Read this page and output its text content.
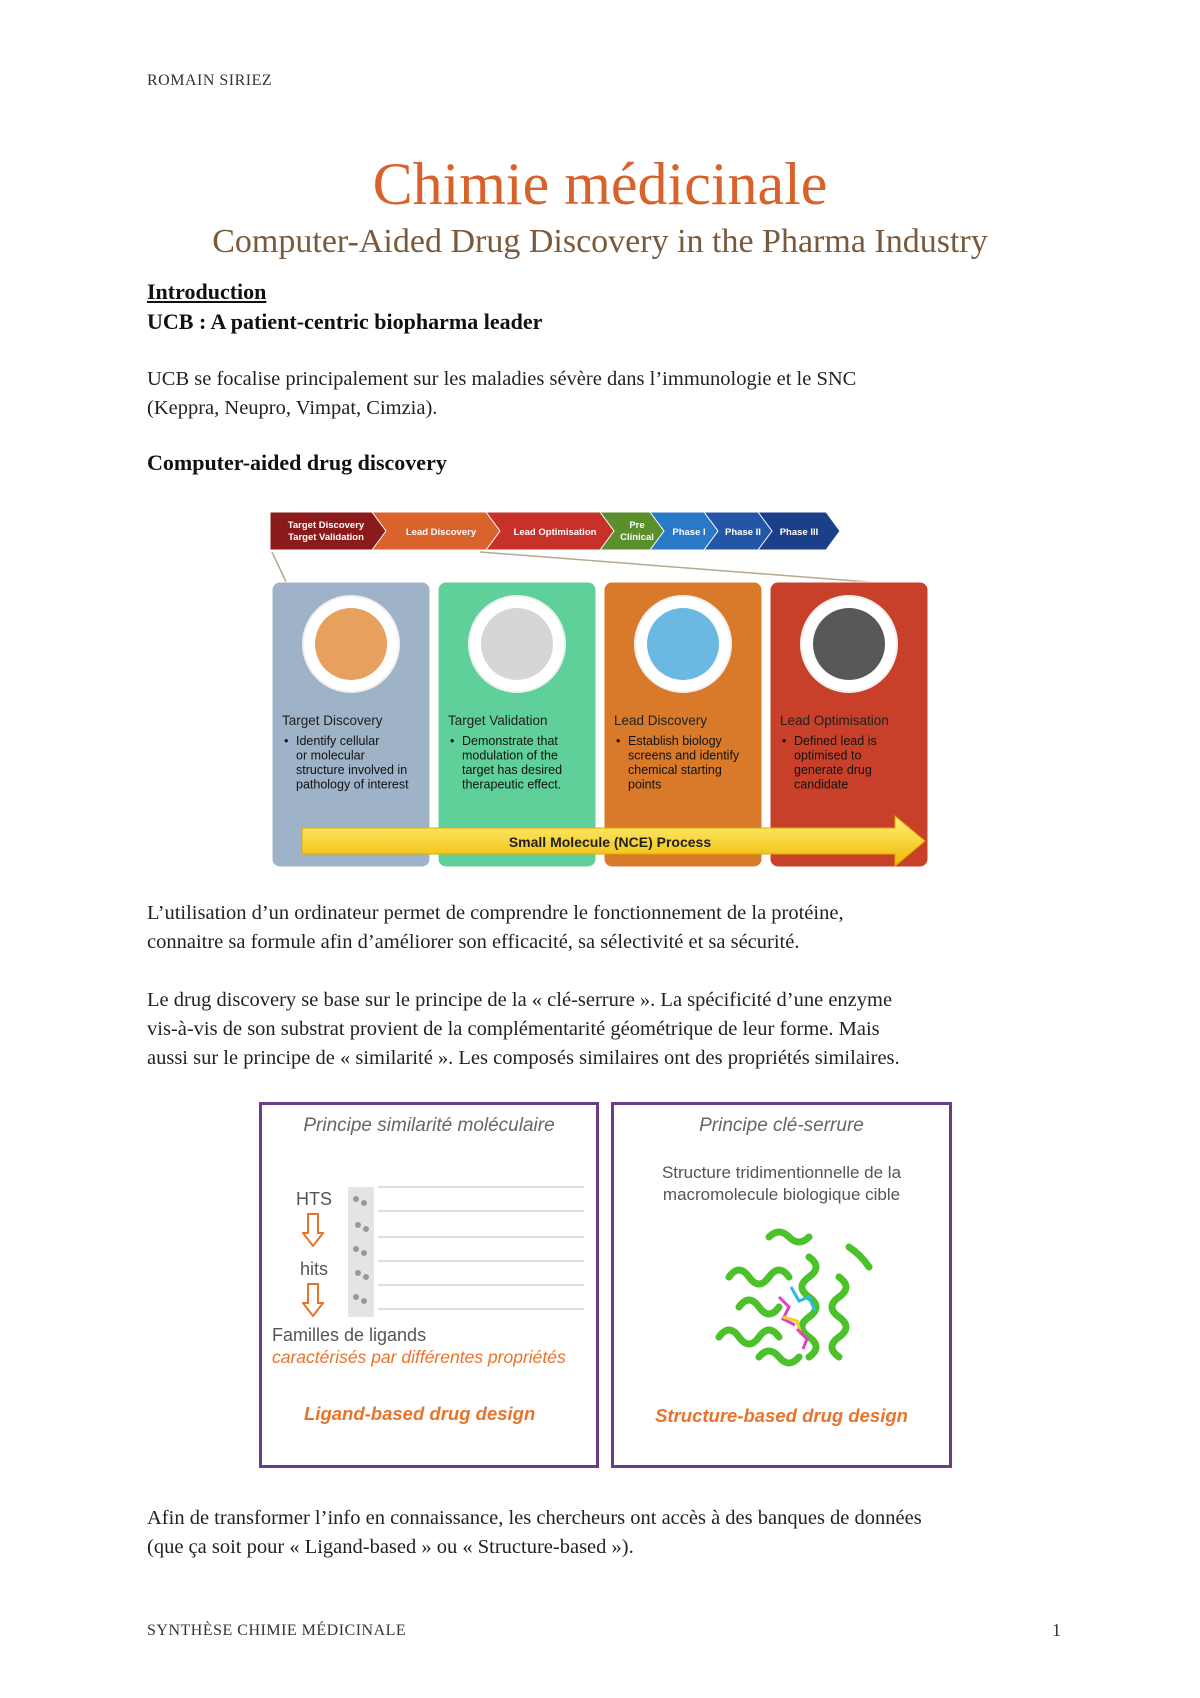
ROMAIN SIRIEZ
Chimie médicinale
Computer-Aided Drug Discovery in the Pharma Industry
Introduction
UCB : A patient-centric biopharma leader
UCB se focalise principalement sur les maladies sévère dans l’immunologie et le SNC
(Keppra, Neupro, Vimpat, Cimzia).
Computer-aided drug discovery
Target Discovery
Target Validation	Lead Discovery	Lead Optimisation
Pre
Clinical Phase I Phase II Phase III
Target Discovery
• Identify cellular
or molecular
structure involved in
pathology of interest
Target Validation
• Demonstrate that
modulation of the
target has desired
therapeutic effect.
Lead Discovery
• Establish biology
screens and identify
chemical starting
points
Lead Optimisation
• Defined lead is
optimised to
generate drug
candidate
Small Molecule (NCE) Process
L’utilisation d’un ordinateur permet de comprendre le fonctionnement de la protéine,
connaitre sa formule afin d’améliorer son efficacité, sa sélectivité et sa sécurité.
Le drug discovery se base sur le principe de la « clé-serrure ». La spécificité d’une enzyme
vis-à-vis de son substrat provient de la complémentarité géométrique de leur forme. Mais
aussi sur le principe de « similarité ». Les composés similaires ont des propriétés similaires.
Principe similarité moléculaire
HTS
hits
Familles de ligands
caractérisés par différentes propriétés
Ligand-based drug design
Principe clé-serrure
Structure tridimentionnelle de la
macromolecule biologique cible
Structure-based drug design
Afin de transformer l’info en connaissance, les chercheurs ont accès à des banques de données
(que ça soit pour « Ligand-based » ou « Structure-based »).
SYNTHÈSE CHIMIE MÉDICINALE	1
